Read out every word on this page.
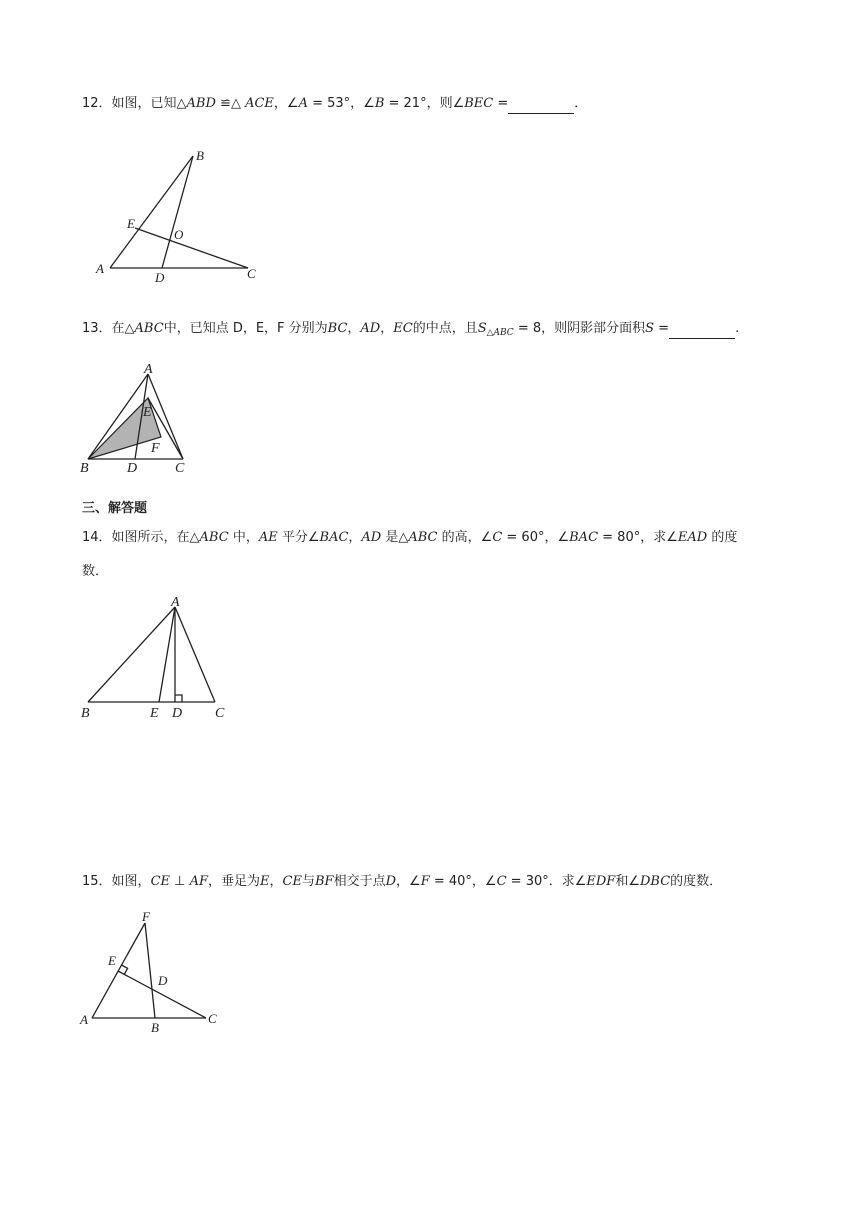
12．如图，已知△ABD ≌△ ACE，∠A = 53°，∠B = 21°，则∠BEC =	．
B
E
O
A
D	C
13．在△ABC中，已知点 D，E，F 分别为BC，AD，EC的中点，且$S_{\triangle ABC} = 8$，则阴影部分面积S =	.
A
E
F
B	D	C
三、解答题
14．如图所示，在△ABC 中，AE 平分∠BAC，AD 是△ABC 的高，∠C = 60°，∠BAC = 80°，求∠EAD 的度
数．
A
B	E D C
15．如图，CE ⊥ AF，垂足为E，CE与BF相交于点D，∠F = 40°，∠C = 30°．求∠EDF和∠DBC的度数．
F
E
D
A
B
C
